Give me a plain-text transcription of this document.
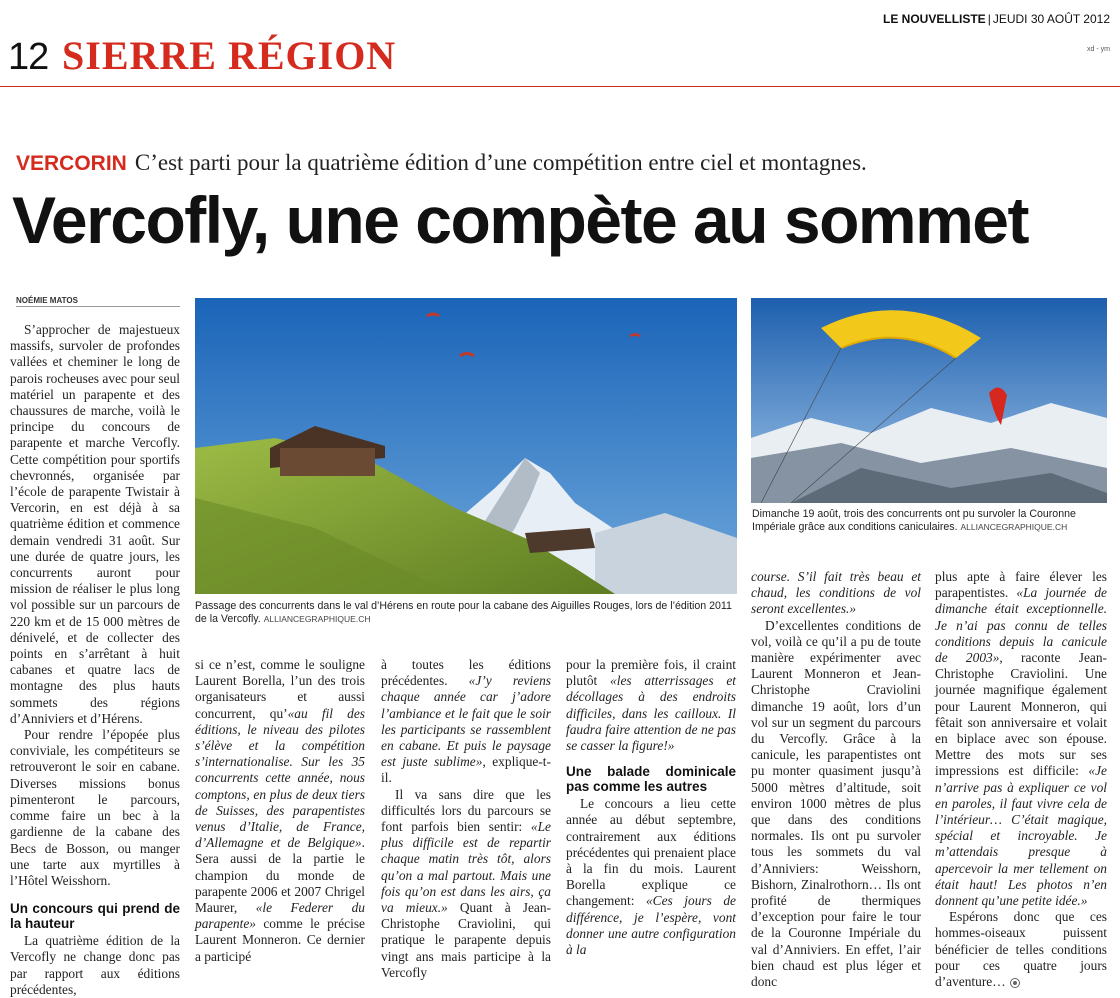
12 SIERRE RÉGION
LE NOUVELLISTE | JEUDI 30 AOÛT 2012
xd - ym
VERCORIN C’est parti pour la quatrième édition d’une compétition entre ciel et montagnes.
Vercofly, une compète au sommet
NOÉMIE MATOS

S’approcher de majestueux massifs, survoler de profondes vallées et cheminer le long de parois rocheuses avec pour seul matériel un parapente et des chaussures de marche, voilà le principe du concours de parapente et marche Vercofly. Cette compétition pour sportifs chevronnés, organisée par l’école de parapente Twistair à Vercorin, en est déjà à sa quatrième édition et commence demain vendredi 31 août. Sur une durée de quatre jours, les concurrents auront pour mission de réaliser le plus long vol possible sur un parcours de 220 km et de 15 000 mètres de dénivelé, et de collecter des points en s’arrêtant à huit cabanes et quatre lacs de montagne des plus hauts sommets des régions d’Anniviers et d’Hérens.

Pour rendre l’épopée plus conviviale, les compétiteurs se retrouveront le soir en cabane. Diverses missions bonus pimenteront le parcours, comme faire un bec à la gardienne de la cabane des Becs de Bosson, ou manger une tarte aux myrtilles à l’Hôtel Weisshorn.

Un concours qui prend de la hauteur

La quatrième édition de la Vercofly ne change donc pas par rapport aux éditions précédentes,

Passage des concurrents dans le val d’Hérens en route pour la cabane des Aiguilles Rouges, lors de l’édition 2011 de la Vercofly. ALLIANCEGRAPHIQUE.CH
Dimanche 19 août, trois des concurrents ont pu survoler la Couronne Impériale grâce aux conditions caniculaires. ALLIANCEGRAPHIQUE.CH

si ce n’est, comme le souligne Laurent Borella, l’un des trois organisateurs et aussi concurrent, qu’«au fil des éditions, le niveau des pilotes s’élève et la compétition s’internationalise. Sur les 35 concurrents cette année, nous comptons, en plus de deux tiers de Suisses, des parapentistes venus d’Italie, de France, d’Allemagne et de Belgique». Sera aussi de la partie le champion du monde de parapente 2006 et 2007 Chrigel Maurer, «le Federer du parapente» comme le précise Laurent Monneron. Ce dernier a participé

à toutes les éditions précédentes. «J’y reviens chaque année car j’adore l’ambiance et le fait que le soir les participants se rassemblent en cabane. Et puis le paysage est juste sublime», explique-t-il.

Il va sans dire que les difficultés lors du parcours se font parfois bien sentir: «Le plus difficile est de repartir chaque matin très tôt, alors qu’on a mal partout. Mais une fois qu’on est dans les airs, ça va mieux.» Quant à Jean-Christophe Craviolini, qui pratique le parapente depuis vingt ans mais participe à la Vercofly

pour la première fois, il craint plutôt «les atterrissages et décollages à des endroits difficiles, dans les cailloux. Il faudra faire attention de ne pas se casser la figure!»

Une balade dominicale pas comme les autres

Le concours a lieu cette année au début septembre, contrairement aux éditions précédentes qui prenaient place à la fin du mois. Laurent Borella explique ce changement: «Ces jours de différence, je l’espère, vont donner une autre configuration à la

course. S’il fait très beau et chaud, les conditions de vol seront excellentes.»

D’excellentes conditions de vol, voilà ce qu’il a pu de toute manière expérimenter avec Laurent Monneron et Jean-Christophe Craviolini dimanche 19 août, lors d’un vol sur un segment du parcours du Vercofly. Grâce à la canicule, les parapentistes ont pu monter quasiment jusqu’à 5000 mètres d’altitude, soit environ 1000 mètres de plus que dans des conditions normales. Ils ont pu survoler tous les sommets du val d’Anniviers: Weisshorn, Bishorn, Zinalrothorn… Ils ont profité de thermiques d’exception pour faire le tour de la Couronne Impériale du val d’Anniviers. En effet, l’air bien chaud est plus léger et donc

plus apte à faire élever les parapentistes. «La journée de dimanche était exceptionnelle. Je n’ai pas connu de telles conditions depuis la canicule de 2003», raconte Jean-Christophe Craviolini. Une journée magnifique également pour Laurent Monneron, qui fêtait son anniversaire et volait en biplace avec son épouse. Mettre des mots sur ses impressions est difficile: «Je n’arrive pas à expliquer ce vol en paroles, il faut vivre cela de l’intérieur… C’était magique, spécial et incroyable. Je m’attendais presque à apercevoir la mer tellement on était haut! Les photos n’en donnent qu’une petite idée.»

Espérons donc que ces hommes-oiseaux puissent bénéficier de telles conditions pour ces quatre jours d’aventure…
